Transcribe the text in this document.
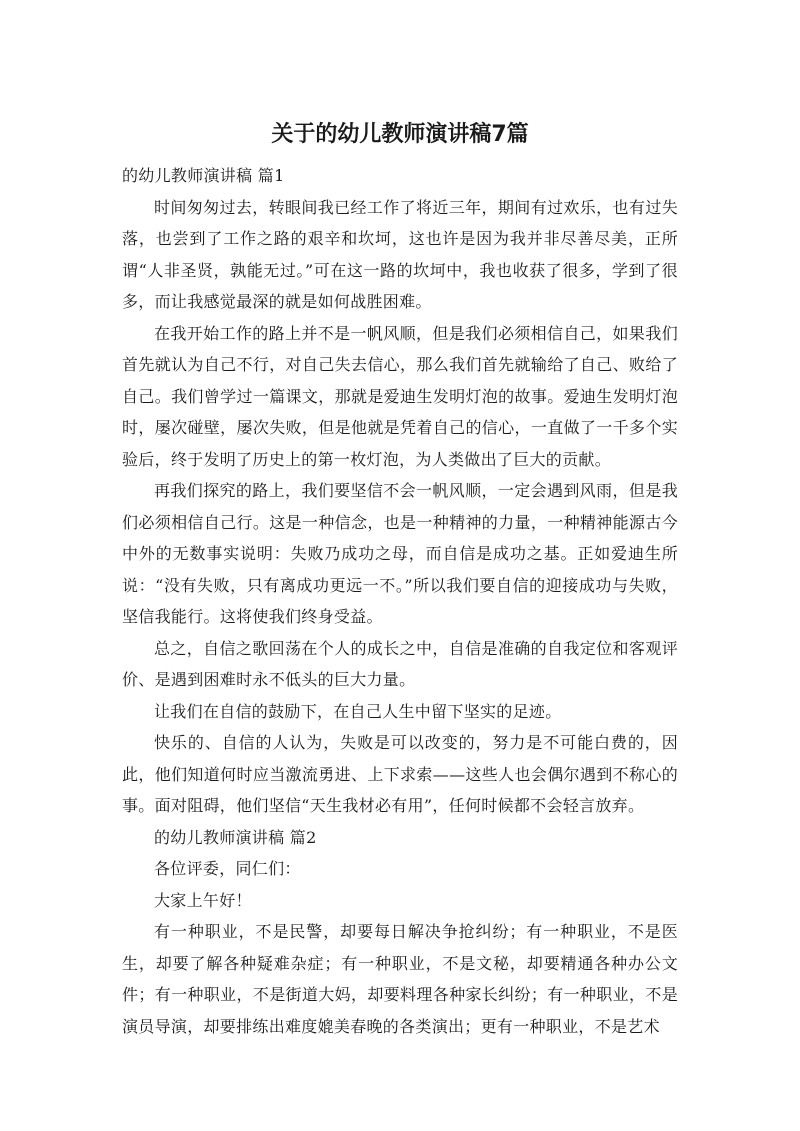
关于的幼儿教师演讲稿7篇

的幼儿教师演讲稿 篇1

时间匆匆过去，转眼间我已经工作了将近三年，期间有过欢乐，也有过失落，也尝到了工作之路的艰辛和坎坷，这也许是因为我并非尽善尽美，正所谓“人非圣贤，孰能无过。”可在这一路的坎坷中，我也收获了很多，学到了很多，而让我感觉最深的就是如何战胜困难。

在我开始工作的路上并不是一帆风顺，但是我们必须相信自己，如果我们首先就认为自己不行，对自己失去信心，那么我们首先就输给了自己、败给了自己。我们曾学过一篇课文，那就是爱迪生发明灯泡的故事。爱迪生发明灯泡时，屡次碰壁，屡次失败，但是他就是凭着自己的信心，一直做了一千多个实验后，终于发明了历史上的第一枚灯泡，为人类做出了巨大的贡献。

再我们探究的路上，我们要坚信不会一帆风顺，一定会遇到风雨，但是我们必须相信自己行。这是一种信念，也是一种精神的力量，一种精神能源古今中外的无数事实说明：失败乃成功之母，而自信是成功之基。正如爱迪生所说：“没有失败，只有离成功更远一不。”所以我们要自信的迎接成功与失败，坚信我能行。这将使我们终身受益。

总之，自信之歌回荡在个人的成长之中，自信是准确的自我定位和客观评价、是遇到困难时永不低头的巨大力量。

让我们在自信的鼓励下，在自己人生中留下坚实的足迹。

快乐的、自信的人认为，失败是可以改变的，努力是不可能白费的，因此，他们知道何时应当激流勇进、上下求索——这些人也会偶尔遇到不称心的事。面对阻碍，他们坚信“天生我材必有用”，任何时候都不会轻言放弃。

的幼儿教师演讲稿 篇2

各位评委，同仁们：

大家上午好！

有一种职业，不是民警，却要每日解决争抢纠纷；有一种职业，不是医生，却要了解各种疑难杂症；有一种职业，不是文秘，却要精通各种办公文件；有一种职业，不是街道大妈，却要料理各种家长纠纷；有一种职业，不是演员导演，却要排练出难度媲美春晚的各类演出；更有一种职业，不是艺术
